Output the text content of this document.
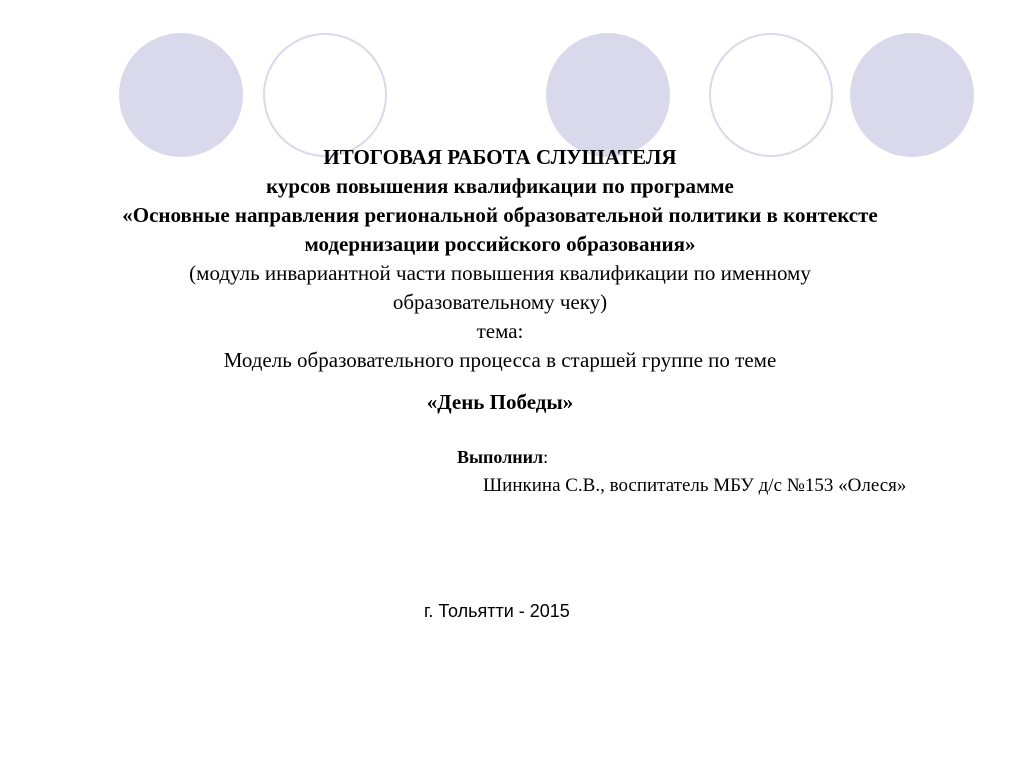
ИТОГОВАЯ РАБОТА СЛУШАТЕЛЯ
курсов повышения квалификации по программе
«Основные направления региональной образовательной политики в контексте
модернизации российского образования»
(модуль инвариантной части повышения квалификации по именному
образовательному чеку)
тема:
Модель образовательного процесса в старшей группе по теме
«День Победы»
Выполнил:
Шинкина С.В., воспитатель МБУ д/с №153 «Олеся»
г. Тольятти - 2015
